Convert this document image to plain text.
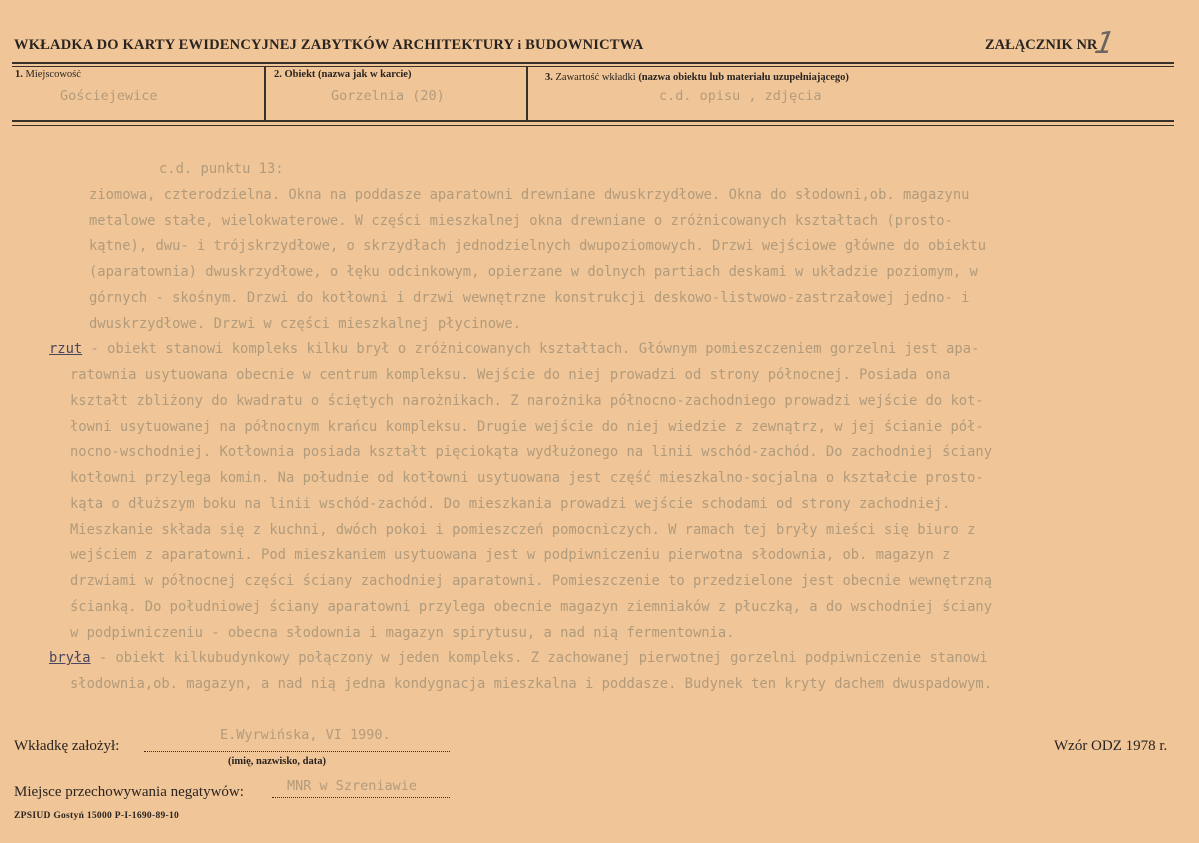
WKŁADKA DO KARTY EWIDENCYJNEJ ZABYTKÓW ARCHITEKTURY i BUDOWNICTWA	ZAŁĄCZNIK NR
1
1. Miejscowość
Gościejewice
2. Obiekt (nazwa jak w karcie)
Gorzelnia (20)
3. Zawartość wkładki (nazwa obiektu lub materiału uzupełniającego)
c.d. opisu , zdjęcia
c.d. punktu 13:
ziomowa, czterodzielna. Okna na poddasze aparatowni drewniane dwuskrzydłowe. Okna do słodowni,ob. magazynu
metalowe stałe, wielokwaterowe. W części mieszkalnej okna drewniane o zróżnicowanych kształtach (prosto-
kątne), dwu- i trójskrzydłowe, o skrzydłach jednodzielnych dwupoziomowych. Drzwi wejściowe główne do obiektu
(aparatownia) dwuskrzydłowe, o łęku odcinkowym, opierzane w dolnych partiach deskami w układzie poziomym, w
górnych - skośnym. Drzwi do kotłowni i drzwi wewnętrzne konstrukcji deskowo-listwowo-zastrzałowej jedno- i
dwuskrzydłowe. Drzwi w części mieszkalnej płycinowe.
rzut - obiekt stanowi kompleks kilku brył o zróżnicowanych kształtach. Głównym pomieszczeniem gorzelni jest apa-
ratownia usytuowana obecnie w centrum kompleksu. Wejście do niej prowadzi od strony północnej. Posiada ona
kształt zbliżony do kwadratu o ściętych narożnikach. Z narożnika północno-zachodniego prowadzi wejście do kot-
łowni usytuowanej na północnym krańcu kompleksu. Drugie wejście do niej wiedzie z zewnątrz, w jej ścianie pół-
nocno-wschodniej. Kotłownia posiada kształt pięciokąta wydłużonego na linii wschód-zachód. Do zachodniej ściany
kotłowni przylega komin. Na południe od kotłowni usytuowana jest część mieszkalno-socjalna o kształcie prosto-
kąta o dłuższym boku na linii wschód-zachód. Do mieszkania prowadzi wejście schodami od strony zachodniej.
Mieszkanie składa się z kuchni, dwóch pokoi i pomieszczeń pomocniczych. W ramach tej bryły mieści się biuro z
wejściem z aparatowni. Pod mieszkaniem usytuowana jest w podpiwniczeniu pierwotna słodownia, ob. magazyn z
drzwiami w północnej części ściany zachodniej aparatowni. Pomieszczenie to przedzielone jest obecnie wewnętrzną
ścianką. Do południowej ściany aparatowni przylega obecnie magazyn ziemniaków z płuczką, a do wschodniej ściany
w podpiwniczeniu - obecna słodownia i magazyn spirytusu, a nad nią fermentownia.
bryła - obiekt kilkubudynkowy połączony w jeden kompleks. Z zachowanej pierwotnej gorzelni podpiwniczenie stanowi
słodownia,ob. magazyn, a nad nią jedna kondygnacja mieszkalna i poddasze. Budynek ten kryty dachem dwuspadowym.
Wkładkę założył:
E.Wyrwińska, VI 1990.
(imię, nazwisko, data)
Miejsce przechowywania negatywów:	MNR w Szreniawie
Wzór ODZ 1978 r.
ZPSIUD Gostyń 15000 P-I-1690-89-10
